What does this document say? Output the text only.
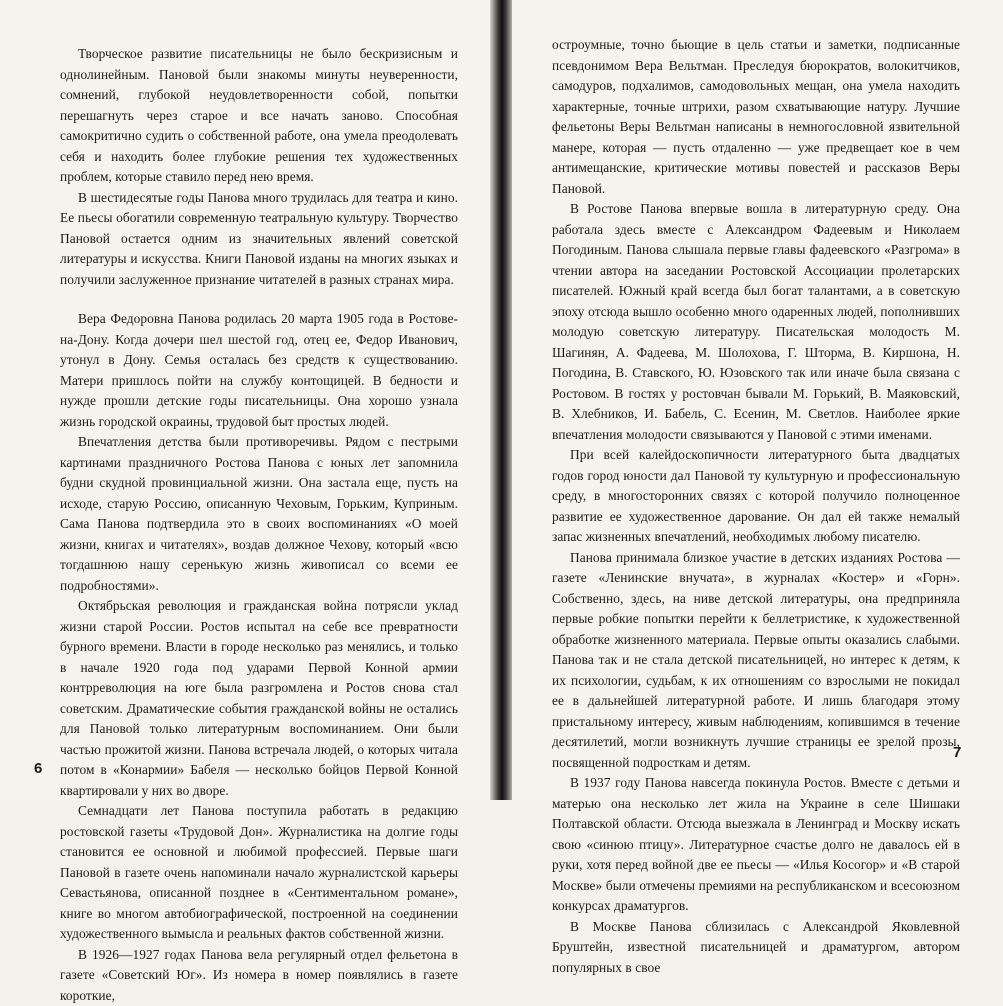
Творческое развитие писательницы не было бескризисным и однолинейным. Пановой были знакомы минуты неуверенности, сомнений, глубокой неудовлетворенности собой, попытки перешагнуть через старое и все начать заново. Способная самокритично судить о собственной работе, она умела преодолевать себя и находить более глубокие решения тех художественных проблем, которые ставило перед нею время.

В шестидесятые годы Панова много трудилась для театра и кино. Ее пьесы обогатили современную театральную культуру. Творчество Пановой остается одним из значительных явлений советской литературы и искусства. Книги Пановой изданы на многих языках и получили заслуженное признание читателей в разных странах мира.

Вера Федоровна Панова родилась 20 марта 1905 года в Ростове-на-Дону. Когда дочери шел шестой год, отец ее, Федор Иванович, утонул в Дону. Семья осталась без средств к существованию. Матери пришлось пойти на службу контощицей. В бедности и нужде прошли детские годы писательницы. Она хорошо узнала жизнь городской окраины, трудовой быт простых людей.

Впечатления детства были противоречивы. Рядом с пестрыми картинами праздничного Ростова Панова с юных лет запомнила будни скудной провинциальной жизни. Она застала еще, пусть на исходе, старую Россию, описанную Чеховым, Горьким, Куприным. Сама Панова подтвердила это в своих воспоминаниях «О моей жизни, книгах и читателях», воздав должное Чехову, который «всю тогдашнюю нашу серенькую жизнь живописал со всеми ее подробностями».

Октябрьская революция и гражданская война потрясли уклад жизни старой России. Ростов испытал на себе все превратности бурного времени. Власти в городе несколько раз менялись, и только в начале 1920 года под ударами Первой Конной армии контрреволюция на юге была разгромлена и Ростов снова стал советским. Драматические события гражданской войны не остались для Пановой только литературным воспоминанием. Они были частью прожитой жизни. Панова встречала людей, о которых читала потом в «Конармии» Бабеля — несколько бойцов Первой Конной квартировали у них во дворе.

Семнадцати лет Панова поступила работать в редакцию ростовской газеты «Трудовой Дон». Журналистика на долгие годы становится ее основной и любимой профессией. Первые шаги Пановой в газете очень напоминали начало журналистской карьеры Севастьянова, описанной позднее в «Сентиментальном романе», книге во многом автобиографической, построенной на соединении художественного вымысла и реальных фактов собственной жизни.

В 1926—1927 годах Панова вела регулярный отдел фельетона в газете «Советский Юг». Из номера в номер появлялись в газете короткие,

6

остроумные, точно бьющие в цель статьи и заметки, подписанные псевдонимом Вера Вельтман. Преследуя бюрократов, волокитчиков, самодуров, подхалимов, самодовольных мещан, она умела находить характерные, точные штрихи, разом схватывающие натуру. Лучшие фельетоны Веры Вельтман написаны в немногословной язвительной манере, которая — пусть отдаленно — уже предвещает кое в чем антимещанские, критические мотивы повестей и рассказов Веры Пановой.

В Ростове Панова впервые вошла в литературную среду. Она работала здесь вместе с Александром Фадеевым и Николаем Погодиным. Панова слышала первые главы фадеевского «Разгрома» в чтении автора на заседании Ростовской Ассоциации пролетарских писателей. Южный край всегда был богат талантами, а в советскую эпоху отсюда вышло особенно много одаренных людей, пополнивших молодую советскую литературу. Писательская молодость М. Шагинян, А. Фадеева, М. Шолохова, Г. Шторма, В. Киршона, Н. Погодина, В. Ставского, Ю. Юзовского так или иначе была связана с Ростовом. В гостях у ростовчан бывали М. Горький, В. Маяковский, В. Хлебников, И. Бабель, С. Есенин, М. Светлов. Наиболее яркие впечатления молодости связываются у Пановой с этими именами.

При всей калейдоскопичности литературного быта двадцатых годов город юности дал Пановой ту культурную и профессиональную среду, в многосторонних связях с которой получило полноценное развитие ее художественное дарование. Он дал ей также немалый запас жизненных впечатлений, необходимых любому писателю.

Панова принимала близкое участие в детских изданиях Ростова — газете «Ленинские внучата», в журналах «Костер» и «Горн». Собственно, здесь, на ниве детской литературы, она предприняла первые робкие попытки перейти к беллетристике, к художественной обработке жизненного материала. Первые опыты оказались слабыми. Панова так и не стала детской писательницей, но интерес к детям, к их психологии, судьбам, к их отношениям со взрослыми не покидал ее в дальнейшей литературной работе. И лишь благодаря этому пристальному интересу, живым наблюдениям, копившимся в течение десятилетий, могли возникнуть лучшие страницы ее зрелой прозы, посвященной подросткам и детям.

В 1937 году Панова навсегда покинула Ростов. Вместе с детьми и матерью она несколько лет жила на Украине в селе Шишаки Полтавской области. Отсюда выезжала в Ленинград и Москву искать свою «синюю птицу». Литературное счастье долго не давалось ей в руки, хотя перед войной две ее пьесы — «Илья Косогор» и «В старой Москве» были отмечены премиями на республиканском и всесоюзном конкурсах драматургов.

В Москве Панова сблизилась с Александрой Яковлевной Бруштейн, известной писательницей и драматургом, автором популярных в свое

7
